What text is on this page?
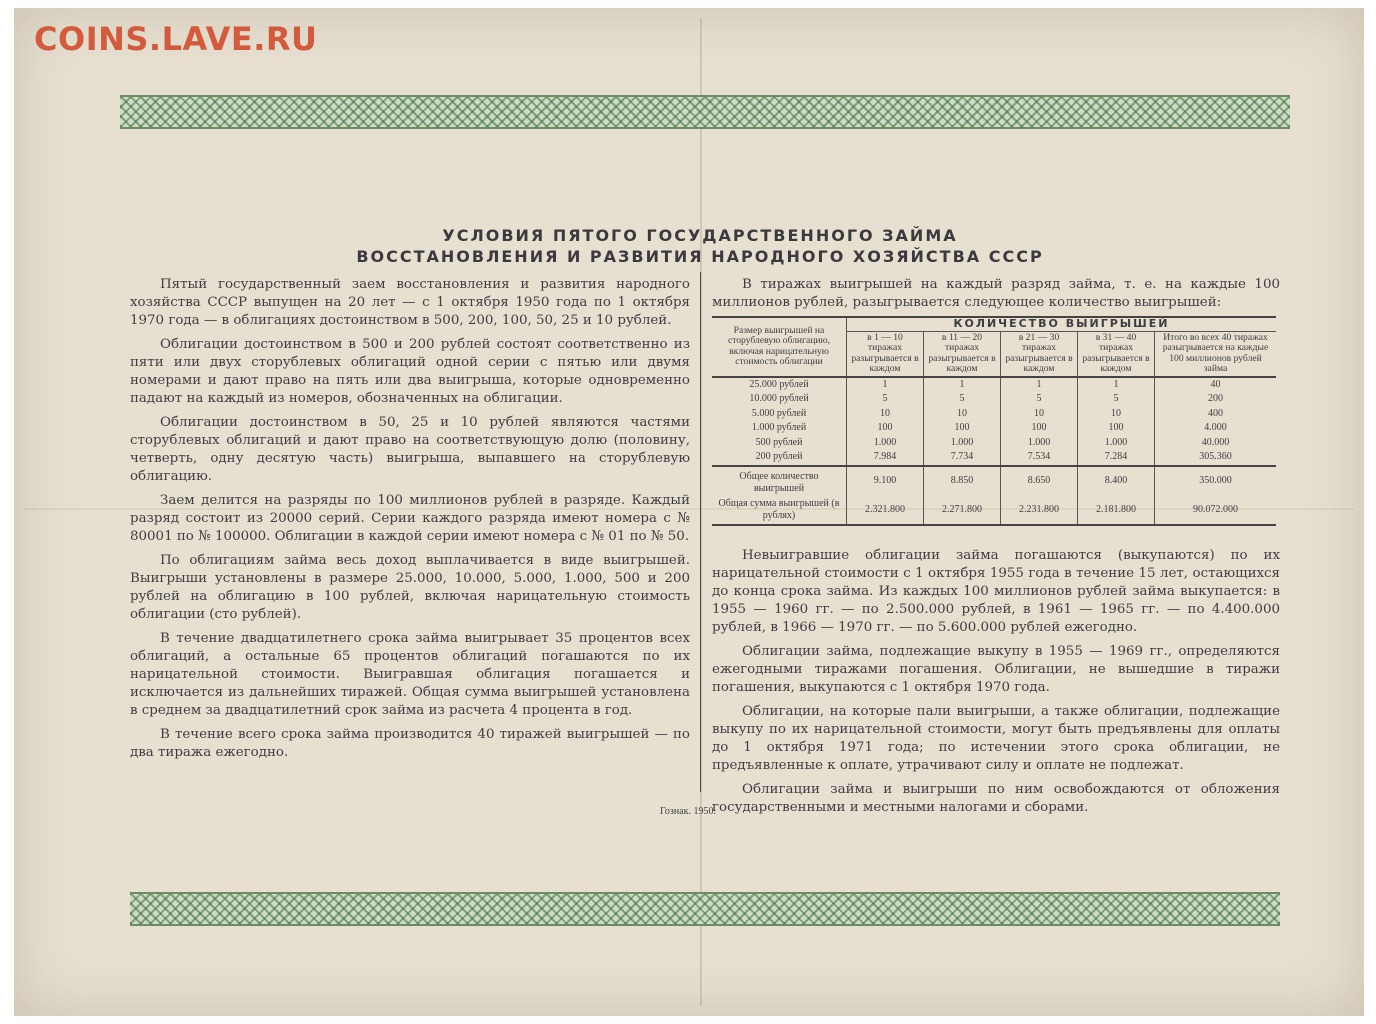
COINS.LAVE.RU
УСЛОВИЯ ПЯТОГО ГОСУДАРСТВЕННОГО ЗАЙМА
ВОССТАНОВЛЕНИЯ И РАЗВИТИЯ НАРОДНОГО ХОЗЯЙСТВА СССР

Пятый государственный заем восстановления и развития народного хозяйства СССР выпущен на 20 лет — с 1 октября 1950 года по 1 октября 1970 года — в облигациях достоинством в 500, 200, 100, 50, 25 и 10 рублей.

Облигации достоинством в 500 и 200 рублей состоят соответственно из пяти или двух сторублевых облигаций одной серии с пятью или двумя номерами и дают право на пять или два выигрыша, которые одновременно падают на каждый из номеров, обозначенных на облигации.

Облигации достоинством в 50, 25 и 10 рублей являются частями сторублевых облигаций и дают право на соответствующую долю (половину, четверть, одну десятую часть) выигрыша, выпавшего на сторублевую облигацию.

Заем делится на разряды по 100 миллионов рублей в разряде. Каждый разряд состоит из 20000 серий. Серии каждого разряда имеют номера с № 80001 по № 100000. Облигации в каждой серии имеют номера с № 01 по № 50.

По облигациям займа весь доход выплачивается в виде выигрышей. Выигрыши установлены в размере 25.000, 10.000, 5.000, 1.000, 500 и 200 рублей на облигацию в 100 рублей, включая нарицательную стоимость облигации (сто рублей).

В течение двадцатилетнего срока займа выигрывает 35 процентов всех облигаций, а остальные 65 процентов облигаций погашаются по их нарицательной стоимости. Выигравшая облигация погашается и исключается из дальнейших тиражей. Общая сумма выигрышей установлена в среднем за двадцатилетний срок займа из расчета 4 процента в год.

В течение всего срока займа производится 40 тиражей выигрышей — по два тиража ежегодно.

В тиражах выигрышей на каждый разряд займа, т. е. на каждые 100 миллионов рублей, разыгрывается следующее количество выигрышей:

Размер выигрышей на сторублевую облигацию, включая нарицательную стоимость облигации	КОЛИЧЕСТВО ВЫИГРЫШЕЙ				
	в 1 — 10 тиражах разыгрывается в каждом	в 11 — 20 тиражах разыгрывается в каждом	в 21 — 30 тиражах разыгрывается в каждом	в 31 — 40 тиражах разыгрывается в каждом	Итого во всех 40 тиражах разыгрывается на каждые 100 миллионов рублей займа
25.000 рублей	1	1	1	1	40
10.000 рублей	5	5	5	5	200
5.000 рублей	10	10	10	10	400
1.000 рублей	100	100	100	100	4.000
500 рублей	1.000	1.000	1.000	1.000	40.000
200 рублей	7.984	7.734	7.534	7.284	305.360
Общее количество выигрышей	9.100	8.850	8.650	8.400	350.000
Общая сумма выигрышей (в рублях)	2.321.800	2.271.800	2.231.800	2.181.800	90.072.000

Невыигравшие облигации займа погашаются (выкупаются) по их нарицательной стоимости с 1 октября 1955 года в течение 15 лет, остающихся до конца срока займа. Из каждых 100 миллионов рублей займа выкупается: в 1955 — 1960 гг. — по 2.500.000 рублей, в 1961 — 1965 гг. — по 4.400.000 рублей, в 1966 — 1970 гг. — по 5.600.000 рублей ежегодно.

Облигации займа, подлежащие выкупу в 1955 — 1969 гг., определяются ежегодными тиражами погашения. Облигации, не вышедшие в тиражи погашения, выкупаются с 1 октября 1970 года.

Облигации, на которые пали выигрыши, а также облигации, подлежащие выкупу по их нарицательной стоимости, могут быть предъявлены для оплаты до 1 октября 1971 года; по истечении этого срока облигации, не предъявленные к оплате, утрачивают силу и оплате не подлежат.

Облигации займа и выигрыши по ним освобождаются от обложения государственными и местными налогами и сборами.

Гознак. 1950.
